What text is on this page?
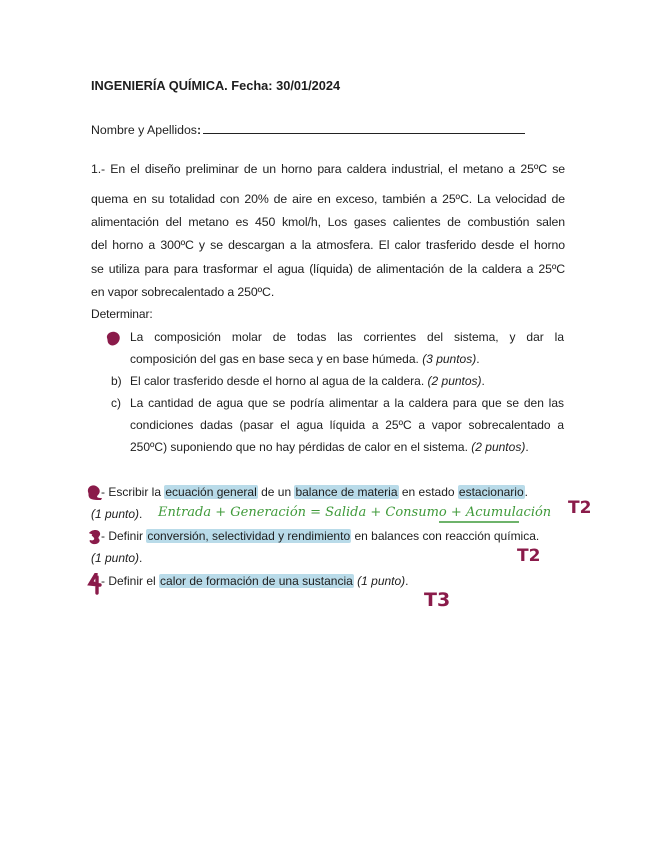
INGENIERÍA QUÍMICA. Fecha: 30/01/2024
Nombre y Apellidos:
1.- En el diseño preliminar de un horno para caldera industrial, el metano a 25ºC se
quema en su totalidad con 20% de aire en exceso, también a 25ºC. La velocidad de
alimentación del metano es 450 kmol/h, Los gases calientes de combustión salen
del horno a 300ºC y se descargan a la atmosfera. El calor trasferido desde el horno
se utiliza para para trasformar el agua (líquida) de alimentación de la caldera a 25ºC
en vapor sobrecalentado a 250ºC.
Determinar:
La composición molar de todas las corrientes del sistema, y dar la
composición del gas en base seca y en base húmeda. (3 puntos).
b) El calor trasferido desde el horno al agua de la caldera. (2 puntos).
c) La cantidad de agua que se podría alimentar a la caldera para que se den las
condiciones dadas (pasar el agua líquida a 25ºC a vapor sobrecalentado a
250ºC) suponiendo que no hay pérdidas de calor en el sistema. (2 puntos).
- Escribir la ecuación general de un balance de materia en estado estacionario.
(1 punto). Entrada + Generación = Salida + Consumo + Acumulación T2
- Definir conversión, selectividad y rendimiento en balances con reacción química.
(1 punto).	T2
- Definir el calor de formación de una sustancia (1 punto).
T3
